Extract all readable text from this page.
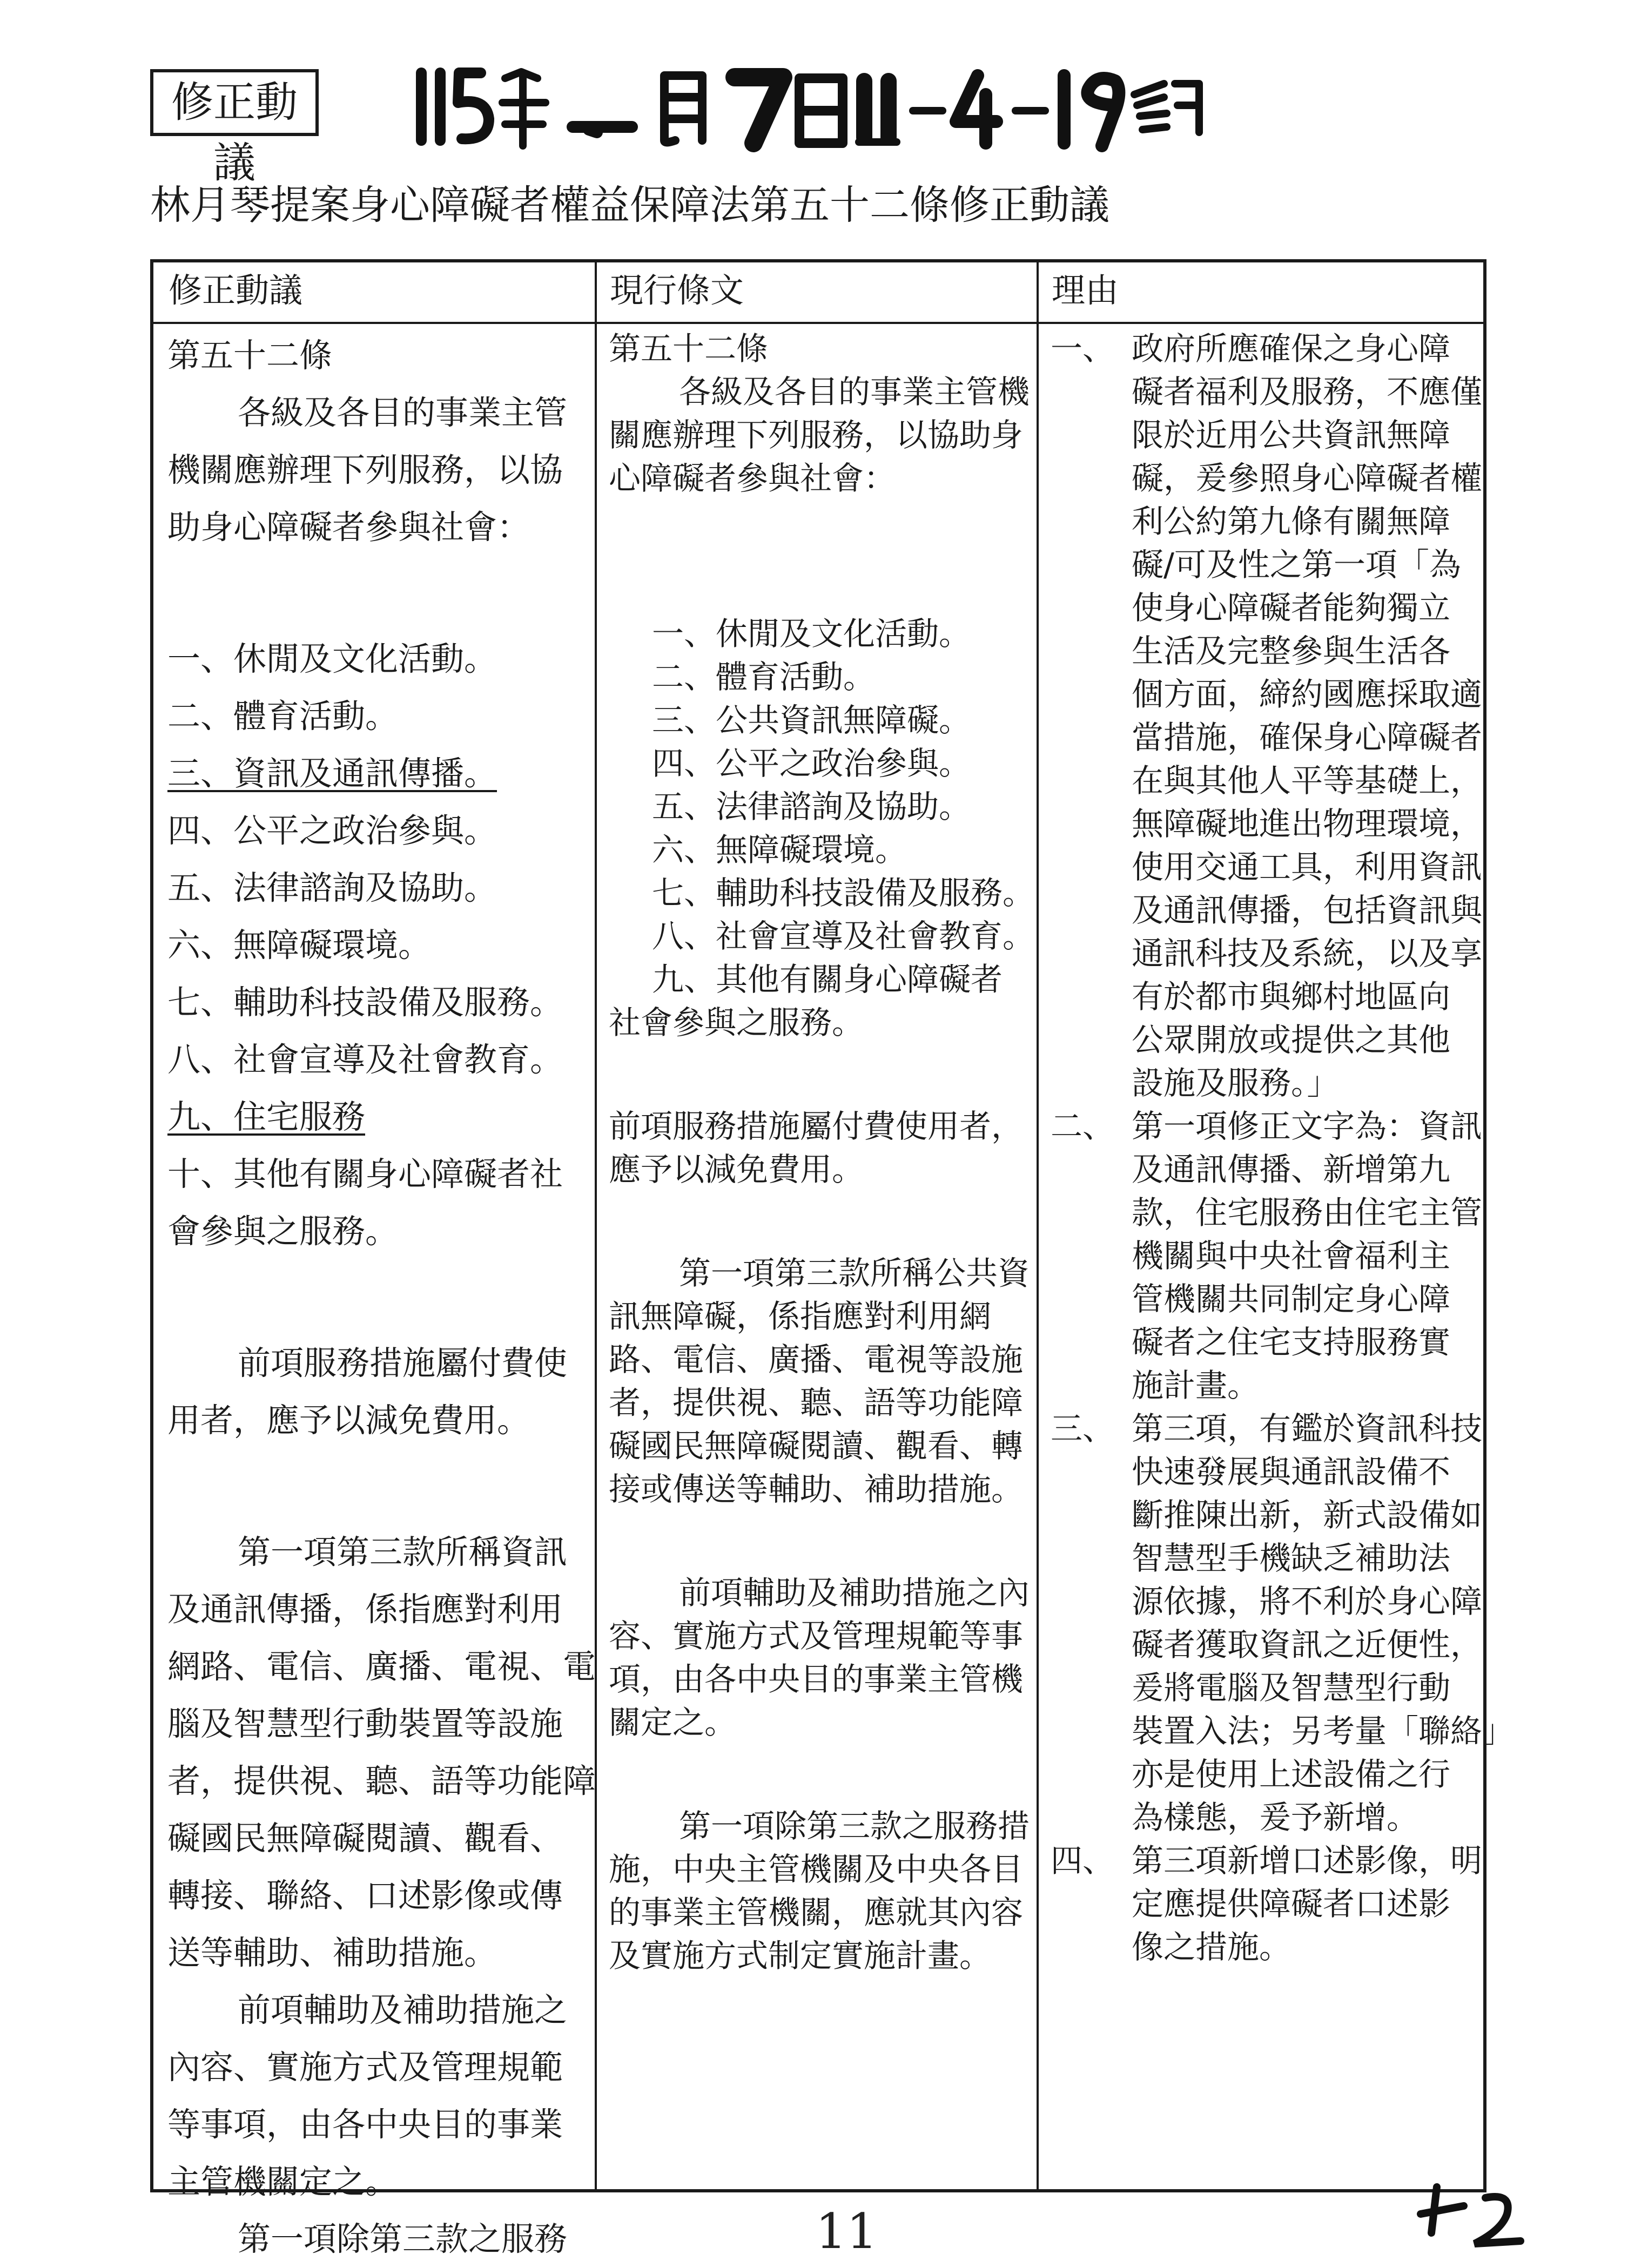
修正動議
林月琴提案身心障礙者權益保障法第五十二條修正動議
修正動議

第五十二條

各級及各目的事業主管

機關應辦理下列服務，以協

助身心障礙者參與社會：

一、休閒及文化活動。

二、體育活動。

三、資訊及通訊傳播。

四、公平之政治參與。

五、法律諮詢及協助。

六、無障礙環境。

七、輔助科技設備及服務。

八、社會宣導及社會教育。

九、住宅服務

十、其他有關身心障礙者社

會參與之服務。

前項服務措施屬付費使

用者，應予以減免費用。

第一項第三款所稱資訊

及通訊傳播，係指應對利用

網路、電信、廣播、電視、電

腦及智慧型行動裝置等設施

者，提供視、聽、語等功能障

礙國民無障礙閱讀、觀看、

轉接、聯絡、口述影像或傳

送等輔助、補助措施。

前項輔助及補助措施之

內容、實施方式及管理規範

等事項，由各中央目的事業

主管機關定之。

第一項除第三款之服務

現行條文

第五十二條

各級及各目的事業主管機

關應辦理下列服務，以協助身

心障礙者參與社會：

一、休閒及文化活動。

二、體育活動。

三、公共資訊無障礙。

四、公平之政治參與。

五、法律諮詢及協助。

六、無障礙環境。

七、輔助科技設備及服務。

八、社會宣導及社會教育。

九、其他有關身心障礙者

社會參與之服務。

前項服務措施屬付費使用者，

應予以減免費用。

第一項第三款所稱公共資

訊無障礙，係指應對利用網

路、電信、廣播、電視等設施

者，提供視、聽、語等功能障

礙國民無障礙閱讀、觀看、轉

接或傳送等輔助、補助措施。

前項輔助及補助措施之內

容、實施方式及管理規範等事

項，由各中央目的事業主管機

關定之。

第一項除第三款之服務措

施，中央主管機關及中央各目

的事業主管機關，應就其內容

及實施方式制定實施計畫。

理由
一、 政府所應確保之身心障

礙者福利及服務，不應僅

限於近用公共資訊無障

礙，爰參照身心障礙者權

利公約第九條有關無障

礙/可及性之第一項「為

使身心障礙者能夠獨立

生活及完整參與生活各

個方面，締約國應採取適

當措施，確保身心障礙者

在與其他人平等基礎上，

無障礙地進出物理環境，

使用交通工具，利用資訊

及通訊傳播，包括資訊與

通訊科技及系統，以及享

有於都市與鄉村地區向

公眾開放或提供之其他

設施及服務。」

二、 第一項修正文字為：資訊

及通訊傳播、新增第九

款，住宅服務由住宅主管

機關與中央社會福利主

管機關共同制定身心障

礙者之住宅支持服務實

施計畫。

三、 第三項，有鑑於資訊科技

快速發展與通訊設備不

斷推陳出新，新式設備如

智慧型手機缺乏補助法

源依據，將不利於身心障

礙者獲取資訊之近便性，

爰將電腦及智慧型行動

裝置入法；另考量「聯絡」

亦是使用上述設備之行

為樣態，爰予新增。

四、 第三項新增口述影像，明

定應提供障礙者口述影

像之措施。

11
